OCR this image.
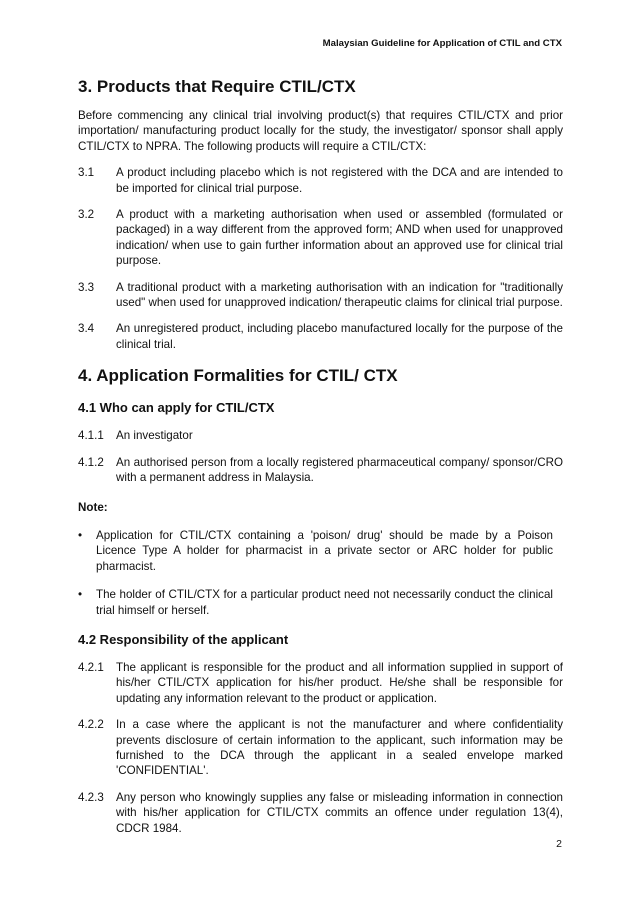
Malaysian Guideline for Application of CTIL and CTX
3. Products that Require CTIL/CTX

Before commencing any clinical trial involving product(s) that requires CTIL/CTX and prior importation/ manufacturing product locally for the study, the investigator/ sponsor shall apply CTIL/CTX to NPRA. The following products will require a CTIL/CTX:

3.1	A product including placebo which is not registered with the DCA and are intended to be imported for clinical trial purpose.
3.2	A product with a marketing authorisation when used or assembled (formulated or packaged) in a way different from the approved form; AND when used for unapproved indication/ when use to gain further information about an approved use for clinical trial purpose.
3.3	A traditional product with a marketing authorisation with an indication for "traditionally used" when used for unapproved indication/ therapeutic claims for clinical trial purpose.
3.4	An unregistered product, including placebo manufactured locally for the purpose of the clinical trial.
4. Application Formalities for CTIL/ CTX
4.1 Who can apply for CTIL/CTX
4.1.1	An investigator
4.1.2	An authorised person from a locally registered pharmaceutical company/ sponsor/CRO with a permanent address in Malaysia.

Note:

•	Application for CTIL/CTX containing a 'poison/ drug' should be made by a Poison Licence Type A holder for pharmacist in a private sector or ARC holder for public pharmacist.
•	The holder of CTIL/CTX for a particular product need not necessarily conduct the clinical trial himself or herself.
4.2 Responsibility of the applicant
4.2.1	The applicant is responsible for the product and all information supplied in support of his/her CTIL/CTX application for his/her product. He/she shall be responsible for updating any information relevant to the product or application.
4.2.2	In a case where the applicant is not the manufacturer and where confidentiality prevents disclosure of certain information to the applicant, such information may be furnished to the DCA through the applicant in a sealed envelope marked 'CONFIDENTIAL'.
4.2.3	Any person who knowingly supplies any false or misleading information in connection with his/her application for CTIL/CTX commits an offence under regulation 13(4), CDCR 1984.
2
